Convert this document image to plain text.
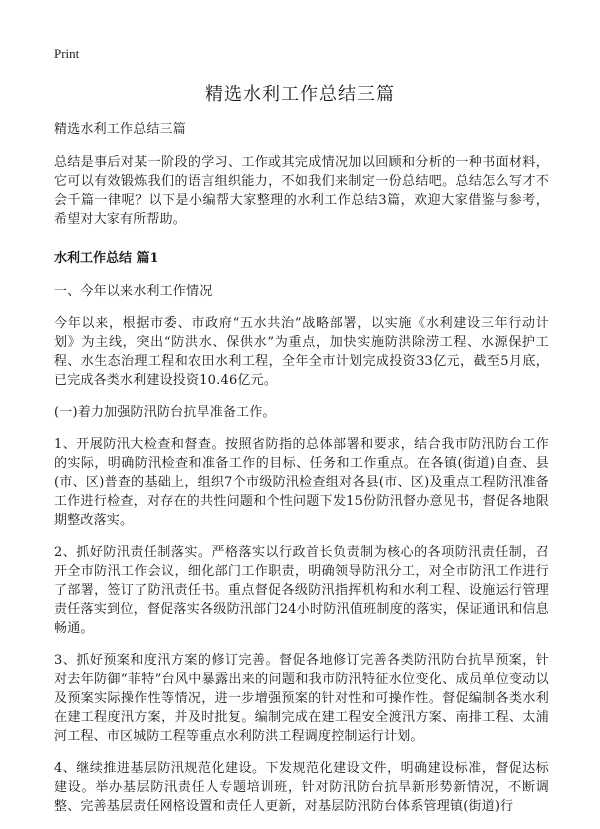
Print
精选水利工作总结三篇

精选水利工作总结三篇

总结是事后对某一阶段的学习、工作或其完成情况加以回顾和分析的一种书面材料，它可以有效锻炼我们的语言组织能力，不如我们来制定一份总结吧。总结怎么写才不会千篇一律呢？以下是小编帮大家整理的水利工作总结3篇，欢迎大家借鉴与参考，希望对大家有所帮助。

水利工作总结 篇1

一、今年以来水利工作情况

今年以来，根据市委、市政府“五水共治”战略部署，以实施《水利建设三年行动计划》为主线，突出“防洪水、保供水”为重点，加快实施防洪除涝工程、水源保护工程、水生态治理工程和农田水利工程，全年全市计划完成投资33亿元，截至5月底，已完成各类水利建设投资10.46亿元。

(一)着力加强防汛防台抗旱准备工作。

1、开展防汛大检查和督查。按照省防指的总体部署和要求，结合我市防汛防台工作的实际，明确防汛检查和准备工作的目标、任务和工作重点。在各镇(街道)自查、县(市、区)普查的基础上，组织7个市级防汛检查组对各县(市、区)及重点工程防汛准备工作进行检查，对存在的共性问题和个性问题下发15份防汛督办意见书，督促各地限期整改落实。

2、抓好防汛责任制落实。严格落实以行政首长负责制为核心的各项防汛责任制，召开全市防汛工作会议，细化部门工作职责，明确领导防汛分工，对全市防汛工作进行了部署，签订了防汛责任书。重点督促各级防汛指挥机构和水利工程、设施运行管理责任落实到位，督促落实各级防汛部门24小时防汛值班制度的落实，保证通讯和信息畅通。

3、抓好预案和度汛方案的修订完善。督促各地修订完善各类防汛防台抗旱预案，针对去年防御“菲特”台风中暴露出来的问题和我市防汛特征水位变化、成员单位变动以及预案实际操作性等情况，进一步增强预案的针对性和可操作性。督促编制各类水利在建工程度汛方案，并及时批复。编制完成在建工程安全渡汛方案、南排工程、太浦河工程、市区城防工程等重点水利防洪工程调度控制运行计划。

4、继续推进基层防汛规范化建设。下发规范化建设文件，明确建设标准，督促达标建设。举办基层防汛责任人专题培训班，针对防汛防台抗旱新形势新情况，不断调整、完善基层责任网格设置和责任人更新，对基层防汛防台体系管理镇(街道)行
